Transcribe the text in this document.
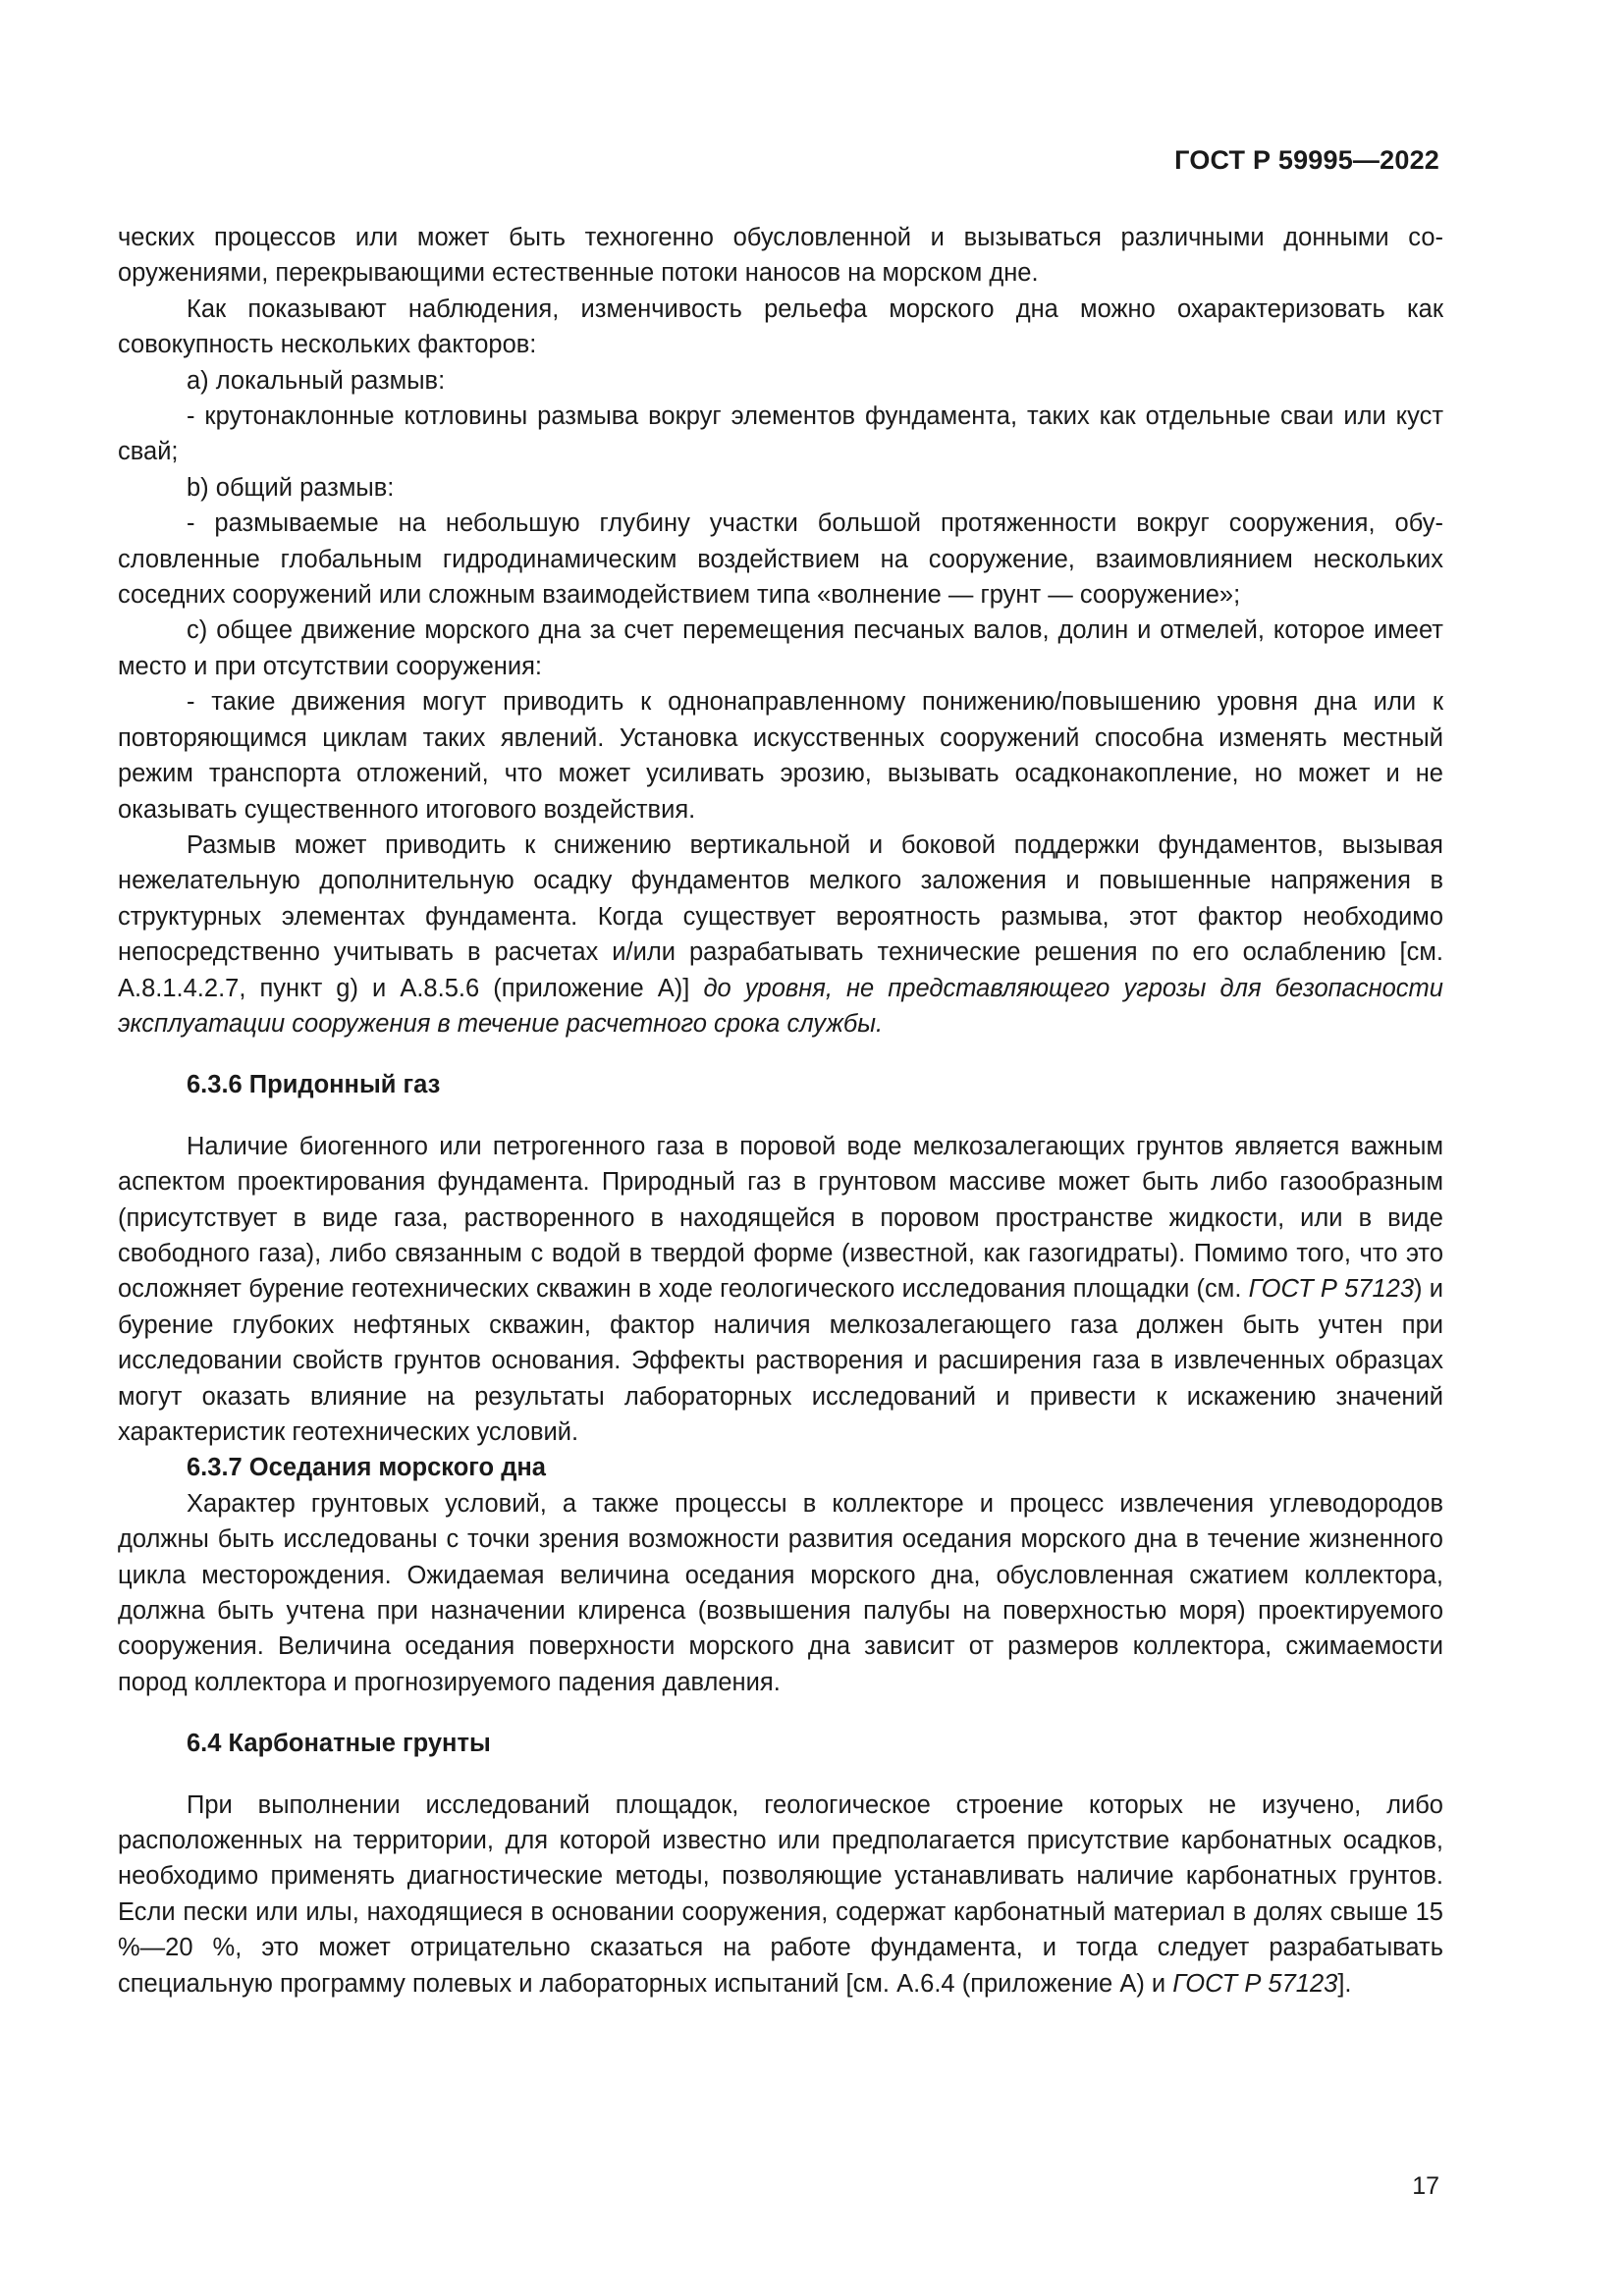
ГОСТ Р 59995—2022

ческих процессов или может быть техногенно обусловленной и вызываться различными донными сооружениями, перекрывающими естественные потоки наносов на морском дне.

Как показывают наблюдения, изменчивость рельефа морского дна можно охарактеризовать как совокупность нескольких факторов:

а) локальный размыв:

- крутонаклонные котловины размыва вокруг элементов фундамента, таких как отдельные сваи или куст свай;

b) общий размыв:

- размываемые на небольшую глубину участки большой протяженности вокруг сооружения, обусловленные глобальным гидродинамическим воздействием на сооружение, взаимовлиянием нескольких соседних сооружений или сложным взаимодействием типа «волнение — грунт — сооружение»;

с) общее движение морского дна за счет перемещения песчаных валов, долин и отмелей, которое имеет место и при отсутствии сооружения:

- такие движения могут приводить к однонаправленному понижению/повышению уровня дна или к повторяющимся циклам таких явлений. Установка искусственных сооружений способна изменять местный режим транспорта отложений, что может усиливать эрозию, вызывать осадконакопление, но может и не оказывать существенного итогового воздействия.

Размыв может приводить к снижению вертикальной и боковой поддержки фундаментов, вызывая нежелательную дополнительную осадку фундаментов мелкого заложения и повышенные напряжения в структурных элементах фундамента. Когда существует вероятность размыва, этот фактор необходимо непосредственно учитывать в расчетах и/или разрабатывать технические решения по его ослаблению [см. А.8.1.4.2.7, пункт g) и А.8.5.6 (приложение А)] до уровня, не представляющего угрозы для безопасности эксплуатации сооружения в течение расчетного срока службы.

6.3.6 Придонный газ

Наличие биогенного или петрогенного газа в поровой воде мелкозалегающих грунтов является важным аспектом проектирования фундамента. Природный газ в грунтовом массиве может быть либо газообразным (присутствует в виде газа, растворенного в находящейся в поровом пространстве жидкости, или в виде свободного газа), либо связанным с водой в твердой форме (известной, как газогидраты). Помимо того, что это осложняет бурение геотехнических скважин в ходе геологического исследования площадки (см. ГОСТ Р 57123) и бурение глубоких нефтяных скважин, фактор наличия мелкозалегающего газа должен быть учтен при исследовании свойств грунтов основания. Эффекты растворения и расширения газа в извлеченных образцах могут оказать влияние на результаты лабораторных исследований и привести к искажению значений характеристик геотехнических условий.

6.3.7 Оседания морского дна

Характер грунтовых условий, а также процессы в коллекторе и процесс извлечения углеводородов должны быть исследованы с точки зрения возможности развития оседания морского дна в течение жизненного цикла месторождения. Ожидаемая величина оседания морского дна, обусловленная сжатием коллектора, должна быть учтена при назначении клиренса (возвышения палубы на поверхностью моря) проектируемого сооружения. Величина оседания поверхности морского дна зависит от размеров коллектора, сжимаемости пород коллектора и прогнозируемого падения давления.

6.4 Карбонатные грунты

При выполнении исследований площадок, геологическое строение которых не изучено, либо расположенных на территории, для которой известно или предполагается присутствие карбонатных осадков, необходимо применять диагностические методы, позволяющие устанавливать наличие карбонатных грунтов. Если пески или илы, находящиеся в основании сооружения, содержат карбонатный материал в долях свыше 15 %—20 %, это может отрицательно сказаться на работе фундамента, и тогда следует разрабатывать специальную программу полевых и лабораторных испытаний [см. А.6.4 (приложение А) и ГОСТ Р 57123].

17
